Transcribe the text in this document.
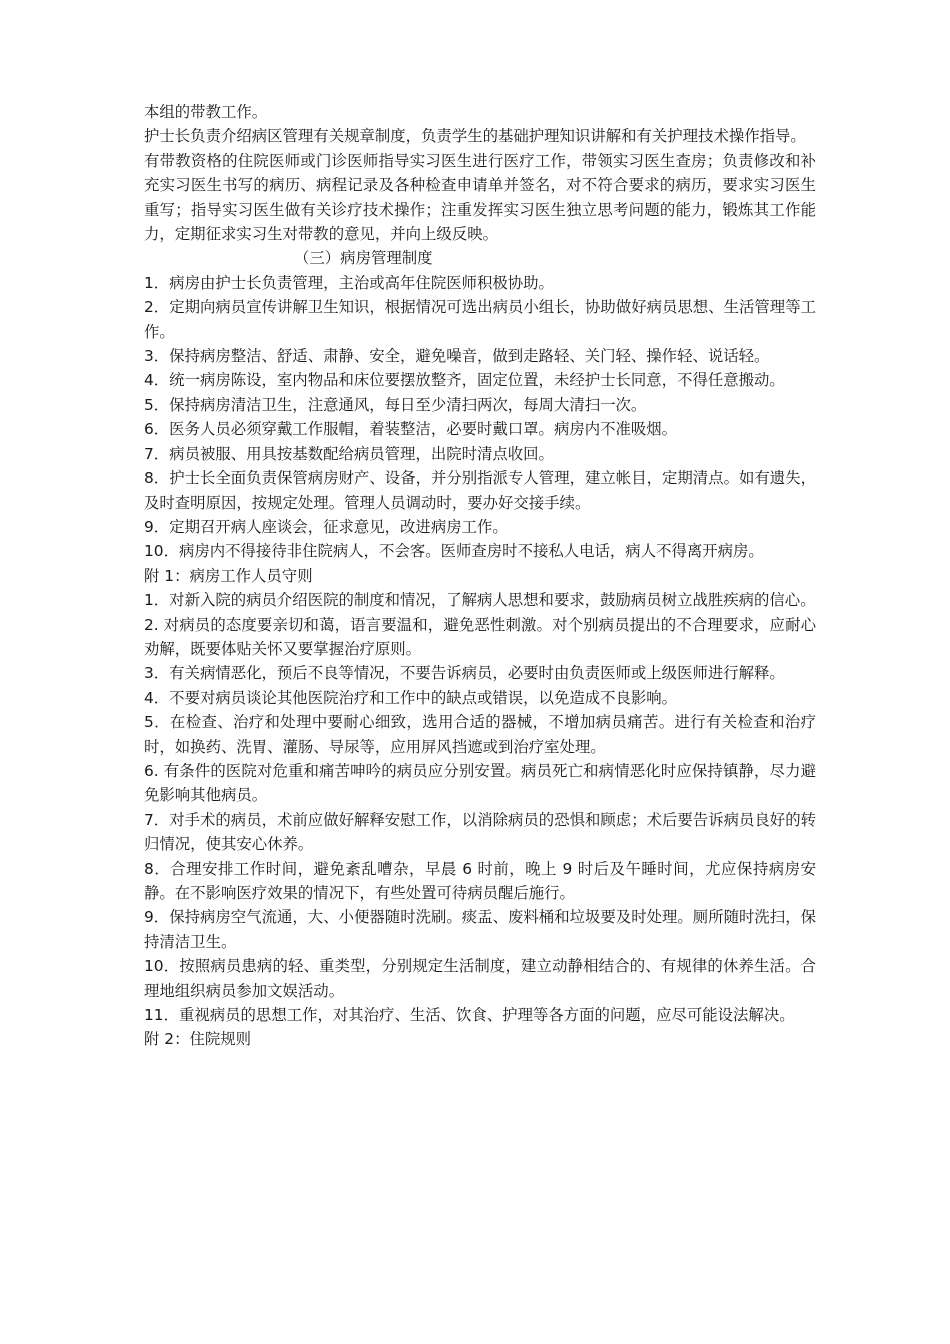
本组的带教工作。

护士长负责介绍病区管理有关规章制度，负责学生的基础护理知识讲解和有关护理技术操作指导。

有带教资格的住院医师或门诊医师指导实习医生进行医疗工作，带领实习医生查房；负责修改和补充实习医生书写的病历、病程记录及各种检查申请单并签名，对不符合要求的病历，要求实习医生重写；指导实习医生做有关诊疗技术操作；注重发挥实习医生独立思考问题的能力，锻炼其工作能力，定期征求实习生对带教的意见，并向上级反映。

（三）病房管理制度

1．病房由护士长负责管理，主治或高年住院医师积极协助。

2．定期向病员宣传讲解卫生知识，根据情况可选出病员小组长，协助做好病员思想、生活管理等工作。

3．保持病房整洁、舒适、肃静、安全，避免噪音，做到走路轻、关门轻、操作轻、说话轻。

4．统一病房陈设，室内物品和床位要摆放整齐，固定位置，未经护士长同意，不得任意搬动。

5．保持病房清洁卫生，注意通风，每日至少清扫两次，每周大清扫一次。

6．医务人员必须穿戴工作服帽，着装整洁，必要时戴口罩。病房内不准吸烟。

7．病员被服、用具按基数配给病员管理，出院时清点收回。

8．护士长全面负责保管病房财产、设备，并分别指派专人管理，建立帐目，定期清点。如有遗失，及时查明原因，按规定处理。管理人员调动时，要办好交接手续。

9．定期召开病人座谈会，征求意见，改进病房工作。

10．病房内不得接待非住院病人，不会客。医师查房时不接私人电话，病人不得离开病房。

附 1：病房工作人员守则

1．对新入院的病员介绍医院的制度和情况，了解病人思想和要求，鼓励病员树立战胜疾病的信心。

2. 对病员的态度要亲切和蔼，语言要温和，避免恶性刺激。对个别病员提出的不合理要求，应耐心劝解，既要体贴关怀又要掌握治疗原则。

3．有关病情恶化，预后不良等情况，不要告诉病员，必要时由负责医师或上级医师进行解释。

4．不要对病员谈论其他医院治疗和工作中的缺点或错误，以免造成不良影响。

5．在检查、治疗和处理中要耐心细致，选用合适的器械，不增加病员痛苦。进行有关检查和治疗时，如换药、洗胃、灌肠、导尿等，应用屏风挡遮或到治疗室处理。

6. 有条件的医院对危重和痛苦呻吟的病员应分别安置。病员死亡和病情恶化时应保持镇静，尽力避免影响其他病员。

7．对手术的病员，术前应做好解释安慰工作，以消除病员的恐惧和顾虑；术后要告诉病员良好的转归情况，使其安心休养。

8．合理安排工作时间，避免紊乱嘈杂，早晨 6 时前，晚上 9 时后及午睡时间，尤应保持病房安静。在不影响医疗效果的情况下，有些处置可待病员醒后施行。

9．保持病房空气流通，大、小便器随时洗刷。痰盂、废料桶和垃圾要及时处理。厕所随时洗扫，保持清洁卫生。

10．按照病员患病的轻、重类型，分别规定生活制度，建立动静相结合的、有规律的休养生活。合理地组织病员参加文娱活动。

11．重视病员的思想工作，对其治疗、生活、饮食、护理等各方面的问题，应尽可能设法解决。

附 2：住院规则
